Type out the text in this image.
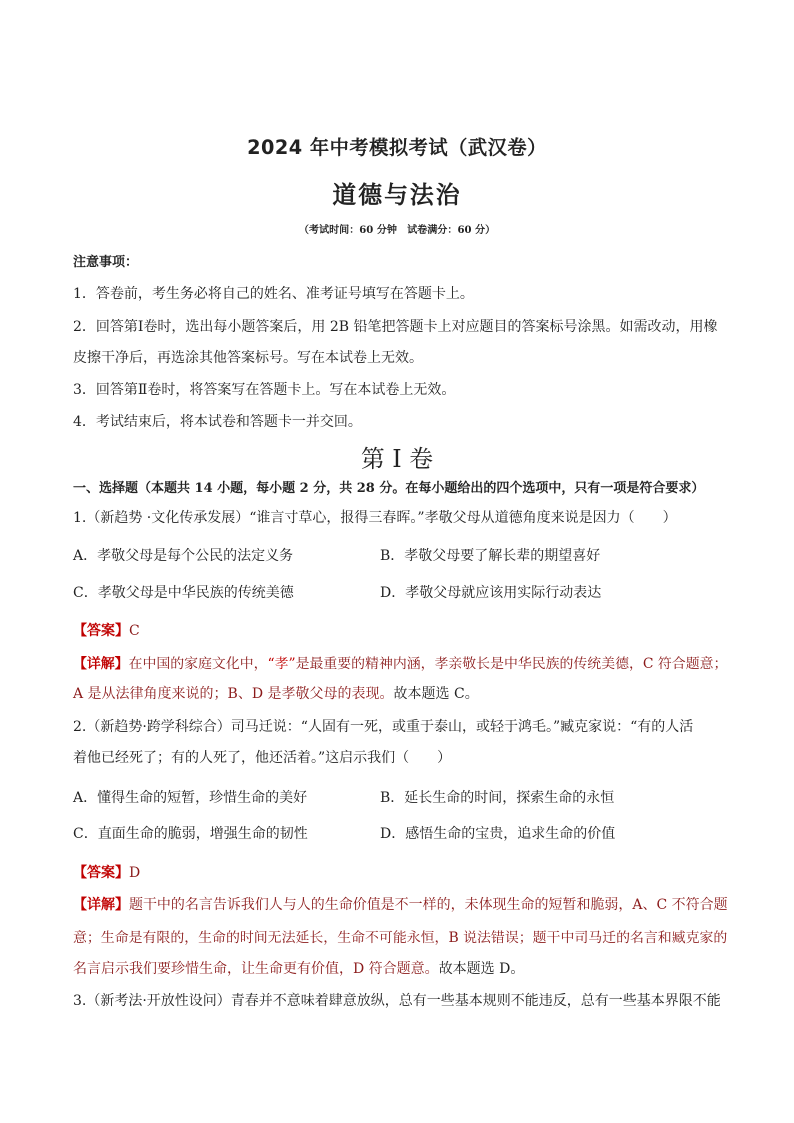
2024 年中考模拟考试（武汉卷）
道德与法治
（考试时间：60 分钟　试卷满分：60 分）
注意事项：
1．答卷前，考生务必将自己的姓名、准考证号填写在答题卡上。
2．回答第Ⅰ卷时，选出每小题答案后，用 2B 铅笔把答题卡上对应题目的答案标号涂黑。如需改动，用橡
皮擦干净后，再选涂其他答案标号。写在本试卷上无效。
3．回答第Ⅱ卷时，将答案写在答题卡上。写在本试卷上无效。
4．考试结束后，将本试卷和答题卡一并交回。
第 I 卷
一、选择题（本题共 14 小题，每小题 2 分，共 28 分。在每小题给出的四个选项中，只有一项是符合要求）
1.（新趋势 ·文化传承发展）“谁言寸草心，报得三春晖。”孝敬父母从道德角度来说是因力（　　）
A．孝敬父母是每个公民的法定义务	B．孝敬父母要了解长辈的期望喜好
C．孝敬父母是中华民族的传统美德	D．孝敬父母就应该用实际行动表达
【答案】C
【详解】在中国的家庭文化中，“孝”是最重要的精神内涵，孝亲敬长是中华民族的传统美德，C 符合题意；
A 是从法律角度来说的；B、D 是孝敬父母的表现。故本题选 C。
2.（新趋势·跨学科综合）司马迁说：“人固有一死，或重于泰山，或轻于鸿毛。”臧克家说：“有的人活
着他已经死了；有的人死了，他还活着。”这启示我们（　　）
A．懂得生命的短暂，珍惜生命的美好	B．延长生命的时间，探索生命的永恒
C．直面生命的脆弱，增强生命的韧性	D．感悟生命的宝贵，追求生命的价值
【答案】D
【详解】题干中的名言告诉我们人与人的生命价值是不一样的，未体现生命的短暂和脆弱，A、C 不符合题
意；生命是有限的，生命的时间无法延长，生命不可能永恒，B 说法错误；题干中司马迁的名言和臧克家的
名言启示我们要珍惜生命，让生命更有价值，D 符合题意。故本题选 D。
3.（新考法·开放性设问）青春并不意味着肆意放纵，总有一些基本规则不能违反，总有一些基本界限不能
